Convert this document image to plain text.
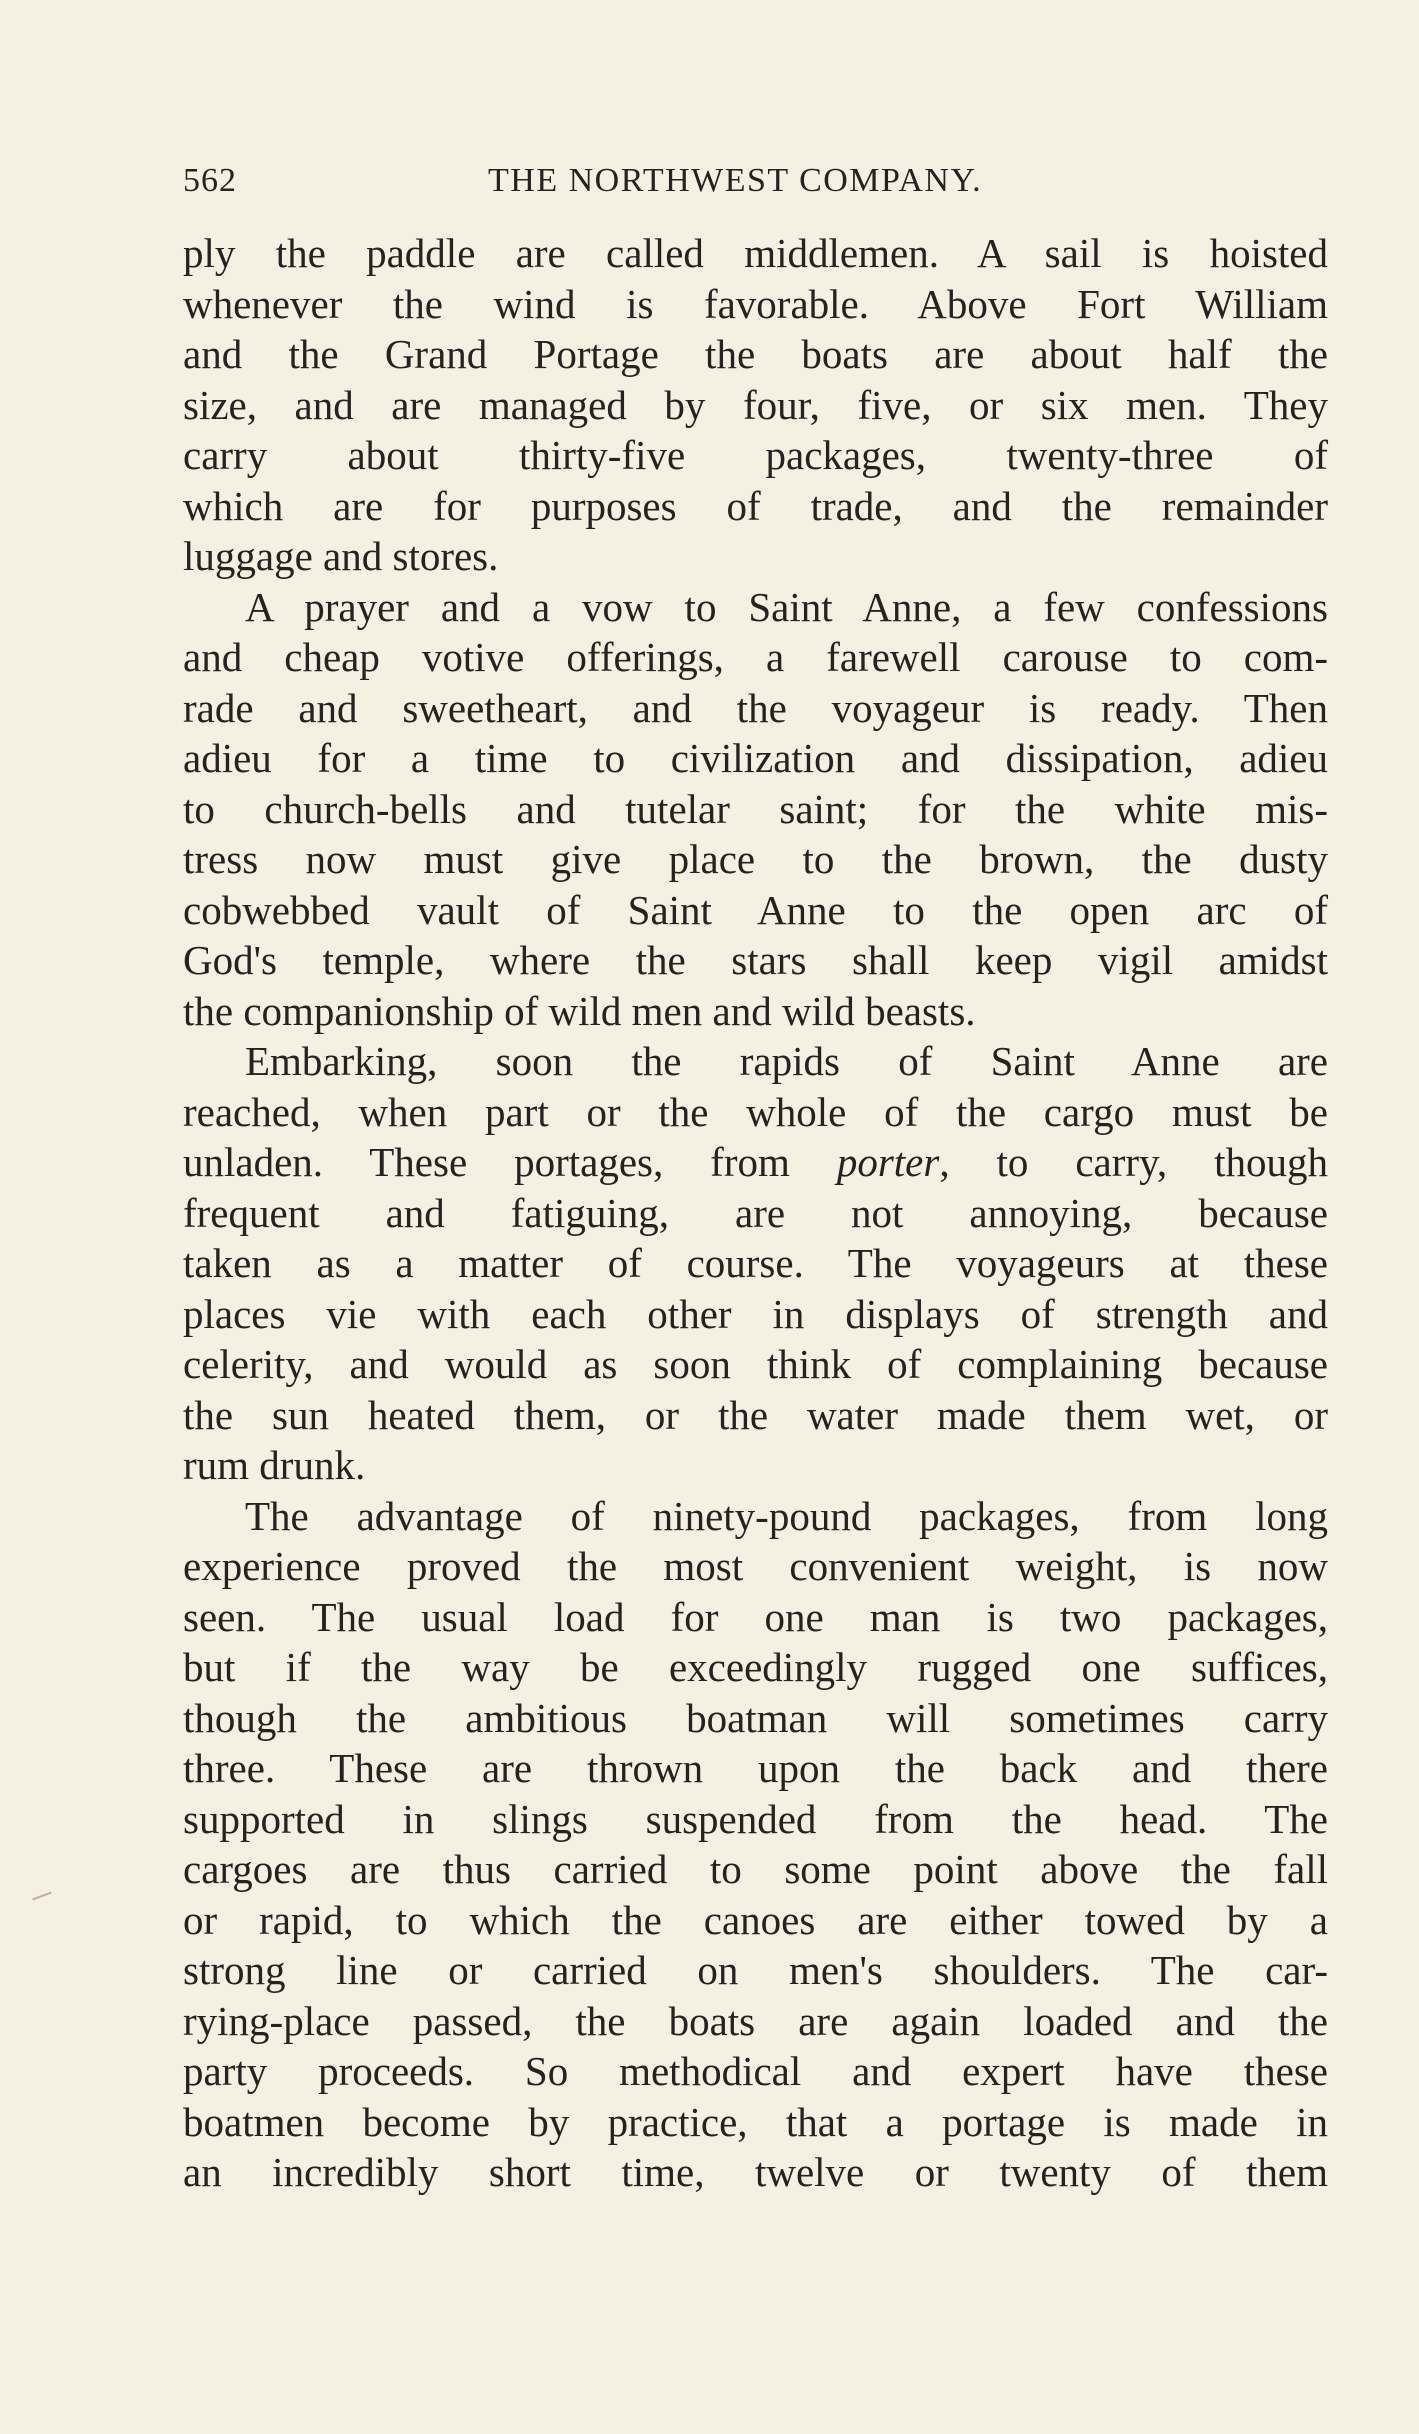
562	THE NORTHWEST COMPANY.
ply the paddle are called middlemen. A sail is hoisted
whenever the wind is favorable. Above Fort William
and the Grand Portage the boats are about half the
size, and are managed by four, five, or six men. They
carry about thirty-five packages, twenty-three of
which are for purposes of trade, and the remainder
luggage and stores.
A prayer and a vow to Saint Anne, a few confessions
and cheap votive offerings, a farewell carouse to com-
rade and sweetheart, and the voyageur is ready. Then
adieu for a time to civilization and dissipation, adieu
to church-bells and tutelar saint; for the white mis-
tress now must give place to the brown, the dusty
cobwebbed vault of Saint Anne to the open arc of
God's temple, where the stars shall keep vigil amidst
the companionship of wild men and wild beasts.
Embarking, soon the rapids of Saint Anne are
reached, when part or the whole of the cargo must be
unladen. These portages, from porter, to carry, though
frequent and fatiguing, are not annoying, because
taken as a matter of course. The voyageurs at these
places vie with each other in displays of strength and
celerity, and would as soon think of complaining because
the sun heated them, or the water made them wet, or
rum drunk.
The advantage of ninety-pound packages, from long
experience proved the most convenient weight, is now
seen. The usual load for one man is two packages,
but if the way be exceedingly rugged one suffices,
though the ambitious boatman will sometimes carry
three. These are thrown upon the back and there
supported in slings suspended from the head. The
cargoes are thus carried to some point above the fall
or rapid, to which the canoes are either towed by a
strong line or carried on men's shoulders. The car-
rying-place passed, the boats are again loaded and the
party proceeds. So methodical and expert have these
boatmen become by practice, that a portage is made in
an incredibly short time, twelve or twenty of them
